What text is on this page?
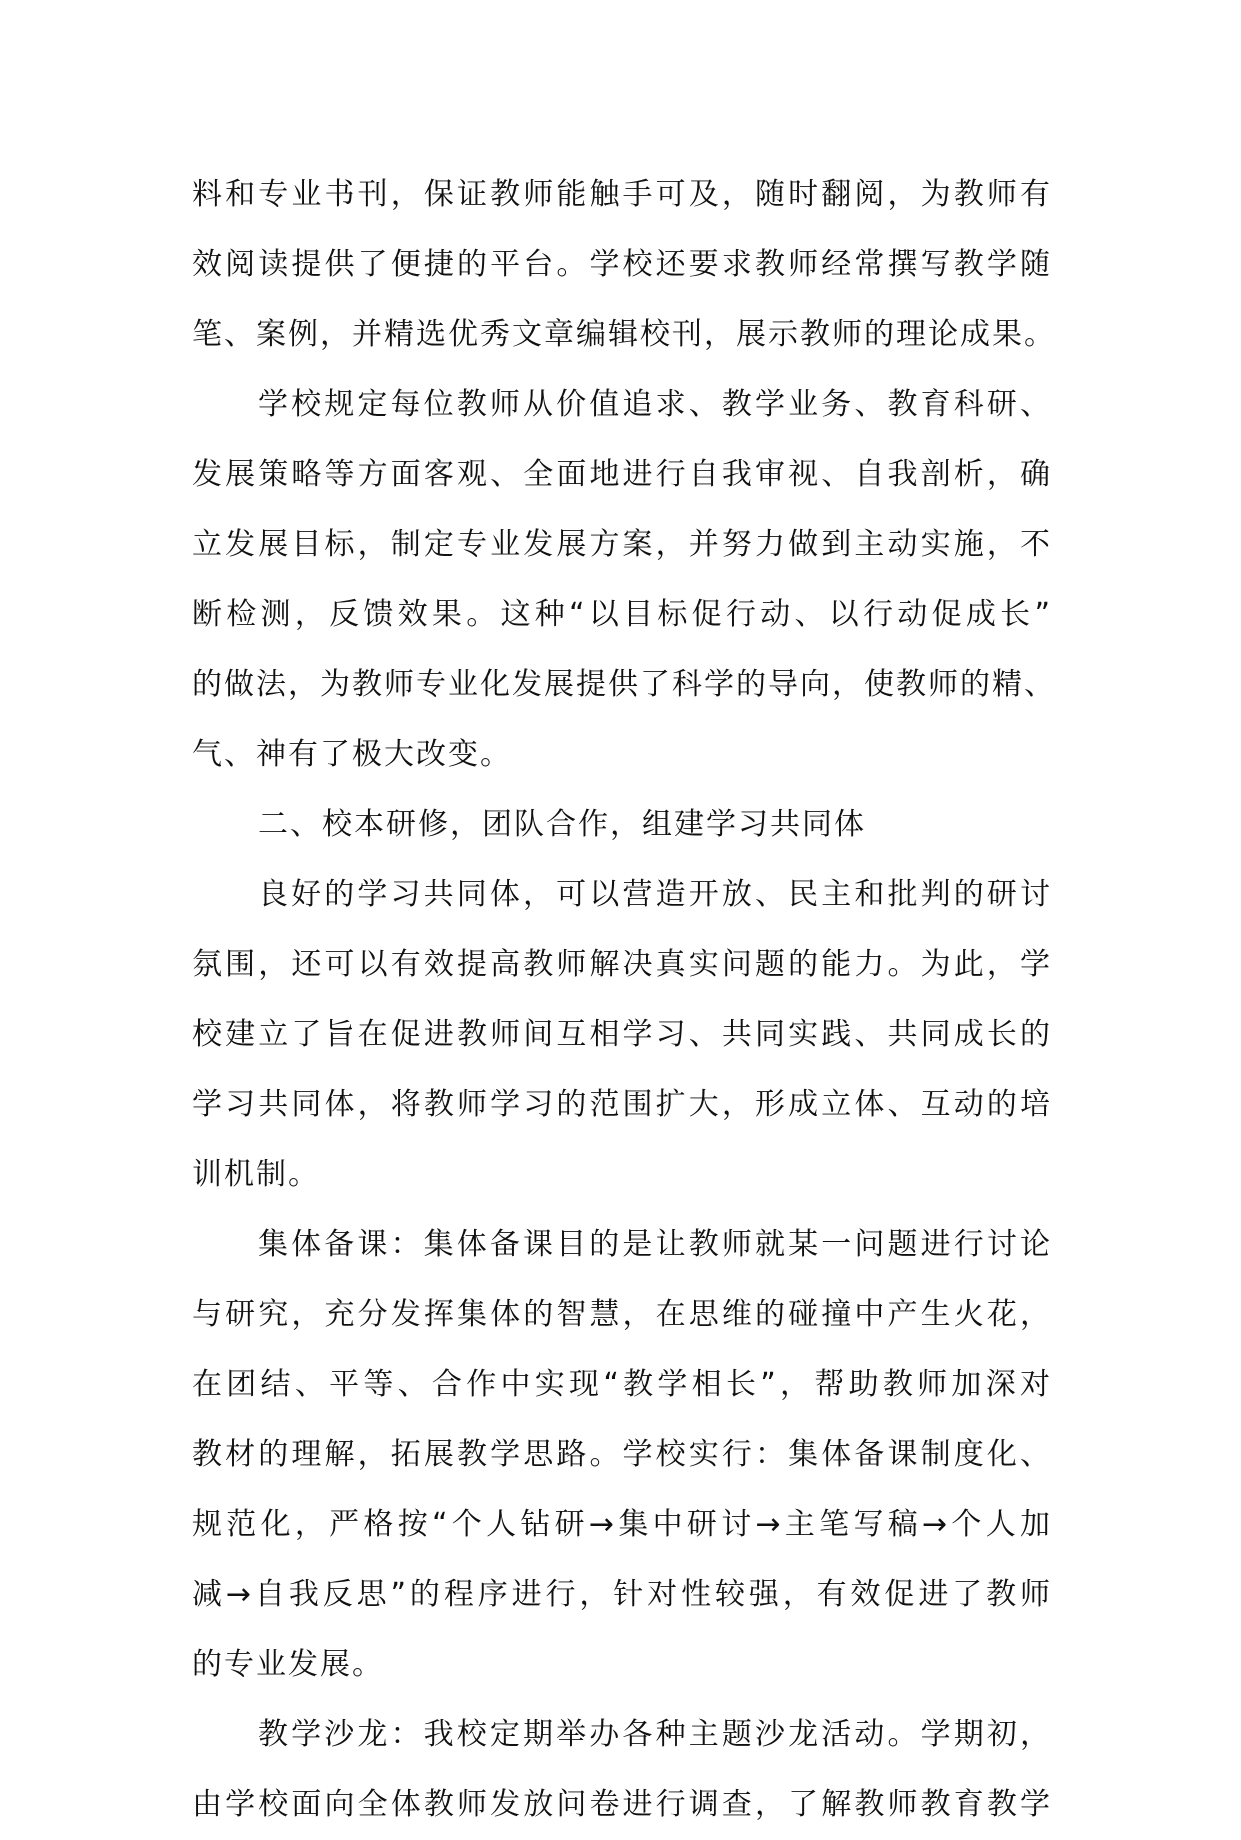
料和专业书刊，保证教师能触手可及，随时翻阅，为教师有
效阅读提供了便捷的平台。学校还要求教师经常撰写教学随
笔、案例，并精选优秀文章编辑校刊，展示教师的理论成果。
学校规定每位教师从价值追求、教学业务、教育科研、
发展策略等方面客观、全面地进行自我审视、自我剖析，确
立发展目标，制定专业发展方案，并努力做到主动实施，不
断检测，反馈效果。这种“以目标促行动、以行动促成长”
的做法，为教师专业化发展提供了科学的导向，使教师的精、
气、神有了极大改变。
二、校本研修，团队合作，组建学习共同体
良好的学习共同体，可以营造开放、民主和批判的研讨
氛围，还可以有效提高教师解决真实问题的能力。为此，学
校建立了旨在促进教师间互相学习、共同实践、共同成长的
学习共同体，将教师学习的范围扩大，形成立体、互动的培
训机制。
集体备课：集体备课目的是让教师就某一问题进行讨论
与研究，充分发挥集体的智慧，在思维的碰撞中产生火花，
在团结、平等、合作中实现“教学相长”，帮助教师加深对
教材的理解，拓展教学思路。学校实行：集体备课制度化、
规范化，严格按“个人钻研→集中研讨→主笔写稿→个人加
减→自我反思”的程序进行，针对性较强，有效促进了教师
的专业发展。
教学沙龙：我校定期举办各种主题沙龙活动。学期初，
由学校面向全体教师发放问卷进行调查，了解教师教育教学
